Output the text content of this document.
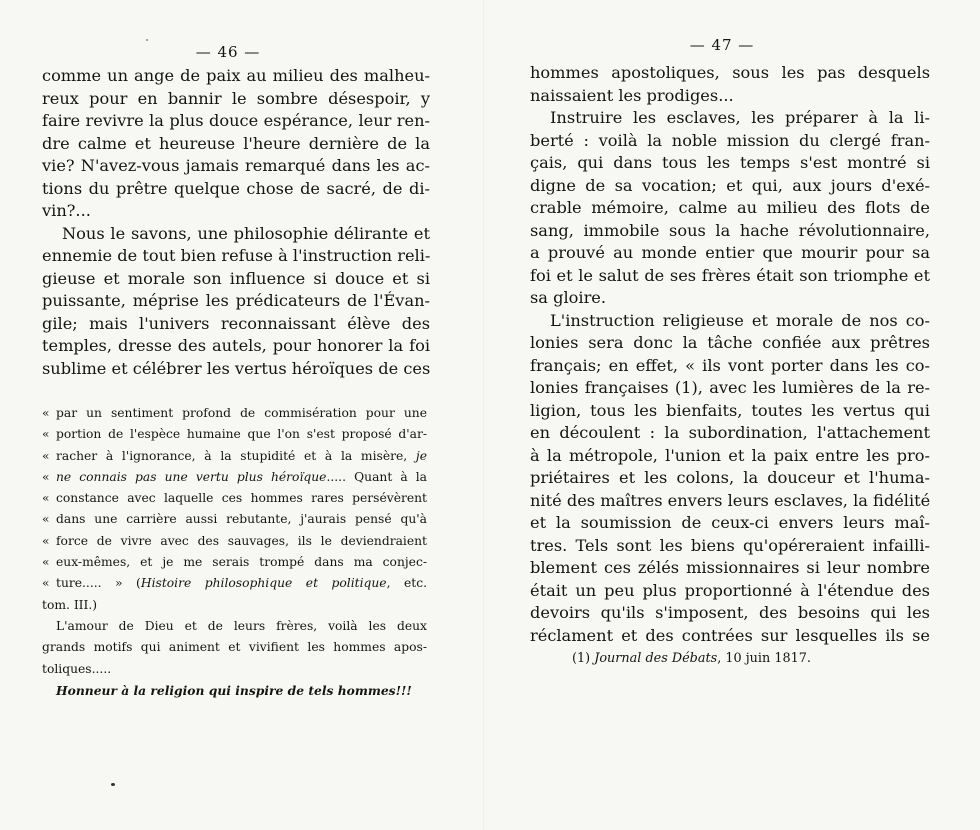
— 46 —
comme un ange de paix au milieu des malheu-
reux pour en bannir le sombre désespoir, y
faire revivre la plus douce espérance, leur ren-
dre calme et heureuse l'heure dernière de la
vie? N'avez-vous jamais remarqué dans les ac-
tions du prêtre quelque chose de sacré, de di-
vin?...
Nous le savons, une philosophie délirante et
ennemie de tout bien refuse à l'instruction reli-
gieuse et morale son influence si douce et si
puissante, méprise les prédicateurs de l'Évan-
gile; mais l'univers reconnaissant élève des
temples, dresse des autels, pour honorer la foi
sublime et célébrer les vertus héroïques de ces
« par un sentiment profond de commisération pour une
« portion de l'espèce humaine que l'on s'est proposé d'ar-
« racher à l'ignorance, à la stupidité et à la misère, je
« ne connais pas une vertu plus héroïque..... Quant à la
« constance avec laquelle ces hommes rares persévèrent
« dans une carrière aussi rebutante, j'aurais pensé qu'à
« force de vivre avec des sauvages, ils le deviendraient
« eux-mêmes, et je me serais trompé dans ma conjec-
« ture..... » (Histoire philosophique et politique, etc.
tom. III.)
L'amour de Dieu et de leurs frères, voilà les deux
grands motifs qui animent et vivifient les hommes apos-
toliques.....
Honneur à la religion qui inspire de tels hommes!!!
— 47 —
hommes apostoliques, sous les pas desquels
naissaient les prodiges...
Instruire les esclaves, les préparer à la li-
berté : voilà la noble mission du clergé fran-
çais, qui dans tous les temps s'est montré si
digne de sa vocation; et qui, aux jours d'exé-
crable mémoire, calme au milieu des flots de
sang, immobile sous la hache révolutionnaire,
a prouvé au monde entier que mourir pour sa
foi et le salut de ses frères était son triomphe et
sa gloire.
L'instruction religieuse et morale de nos co-
lonies sera donc la tâche confiée aux prêtres
français; en effet, « ils vont porter dans les co-
lonies françaises (1), avec les lumières de la re-
ligion, tous les bienfaits, toutes les vertus qui
en découlent : la subordination, l'attachement
à la métropole, l'union et la paix entre les pro-
priétaires et les colons, la douceur et l'huma-
nité des maîtres envers leurs esclaves, la fidélité
et la soumission de ceux-ci envers leurs maî-
tres. Tels sont les biens qu'opéreraient infailli-
blement ces zélés missionnaires si leur nombre
était un peu plus proportionné à l'étendue des
devoirs qu'ils s'imposent, des besoins qui les
réclament et des contrées sur lesquelles ils se
(1) Journal des Débats, 10 juin 1817.
